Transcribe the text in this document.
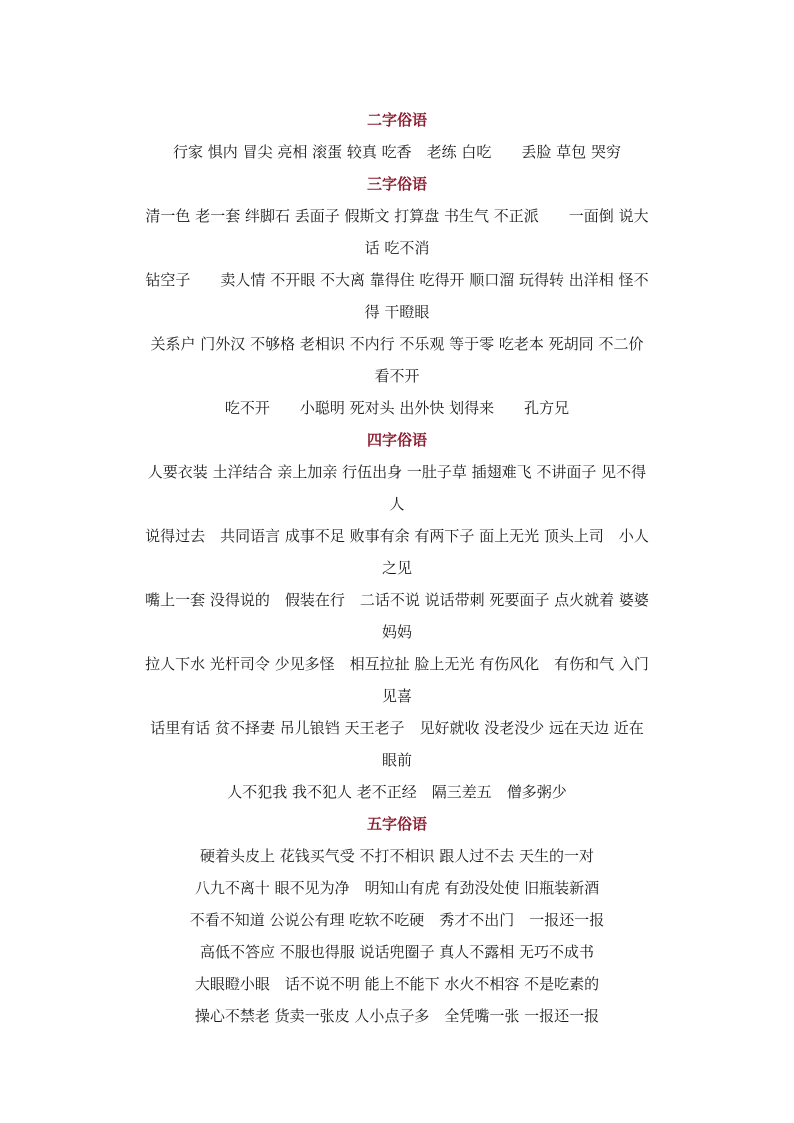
二字俗语
行家 惧内 冒尖 亮相 滚蛋 较真 吃香　老练 白吃　　丢脸 草包 哭穷
三字俗语
清一色 老一套 绊脚石 丢面子 假斯文 打算盘 书生气 不正派　　一面倒 说大
话 吃不消
钻空子　　卖人情 不开眼 不大离 靠得住 吃得开 顺口溜 玩得转 出洋相 怪不
得 干瞪眼
关系户 门外汉 不够格 老相识 不内行 不乐观 等于零 吃老本 死胡同 不二价
看不开
吃不开　　小聪明 死对头 出外快 划得来　　孔方兄
四字俗语
人要衣装 土洋结合 亲上加亲 行伍出身 一肚子草 插翅难飞 不讲面子 见不得
人
说得过去　共同语言 成事不足 败事有余 有两下子 面上无光 顶头上司　小人
之见
嘴上一套 没得说的　假装在行　二话不说 说话带刺 死要面子 点火就着 婆婆
妈妈
拉人下水 光杆司令 少见多怪　相互拉扯 脸上无光 有伤风化　有伤和气 入门
见喜
话里有话 贫不择妻 吊儿锒铛 天王老子　见好就收 没老没少 远在天边 近在
眼前
人不犯我 我不犯人 老不正经　隔三差五　僧多粥少
五字俗语
硬着头皮上 花钱买气受 不打不相识 跟人过不去 天生的一对
八九不离十 眼不见为净　明知山有虎 有劲没处使 旧瓶装新酒
不看不知道 公说公有理 吃软不吃硬　秀才不出门　一报还一报
高低不答应 不服也得服 说话兜圈子 真人不露相 无巧不成书
大眼瞪小眼　话不说不明 能上不能下 水火不相容 不是吃素的
操心不禁老 货卖一张皮 人小点子多　全凭嘴一张 一报还一报
